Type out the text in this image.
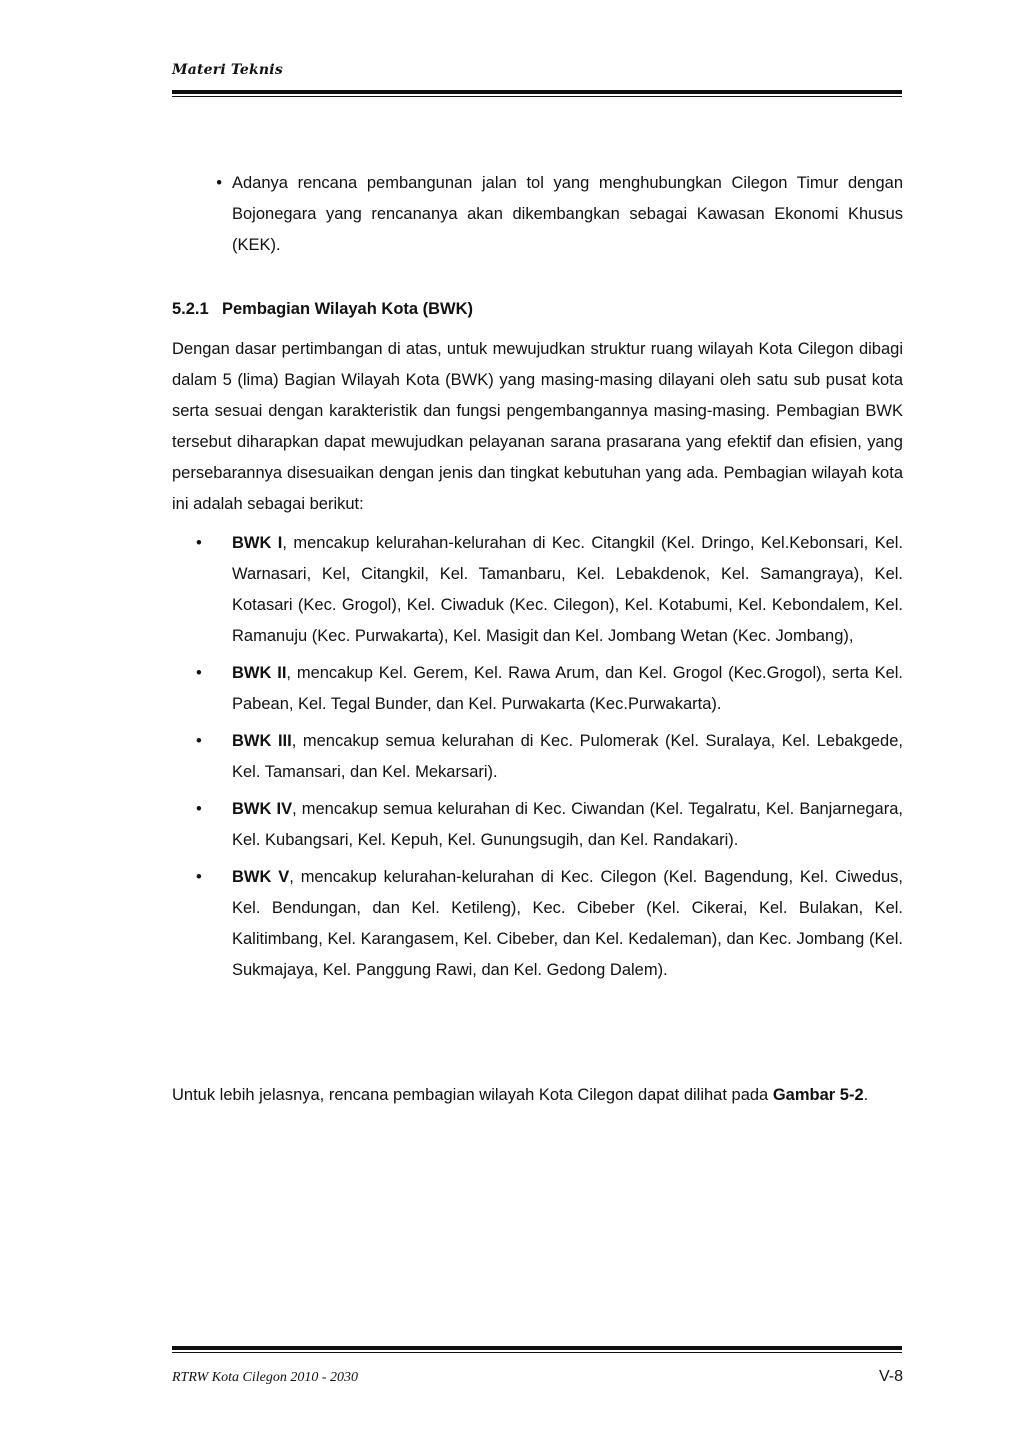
Materi Teknis
• Adanya rencana pembangunan jalan tol yang menghubungkan Cilegon Timur dengan Bojonegara yang rencananya akan dikembangkan sebagai Kawasan Ekonomi Khusus (KEK).
5.2.1 Pembagian Wilayah Kota (BWK)
Dengan dasar pertimbangan di atas, untuk mewujudkan struktur ruang wilayah Kota Cilegon dibagi dalam 5 (lima) Bagian Wilayah Kota (BWK) yang masing-masing dilayani oleh satu sub pusat kota serta sesuai dengan karakteristik dan fungsi pengembangannya masing-masing. Pembagian BWK tersebut diharapkan dapat mewujudkan pelayanan sarana prasarana yang efektif dan efisien, yang persebarannya disesuaikan dengan jenis dan tingkat kebutuhan yang ada. Pembagian wilayah kota ini adalah sebagai berikut:
•	BWK I, mencakup kelurahan-kelurahan di Kec. Citangkil (Kel. Dringo, Kel.Kebonsari, Kel. Warnasari, Kel, Citangkil, Kel. Tamanbaru, Kel. Lebakdenok, Kel. Samangraya), Kel. Kotasari (Kec. Grogol), Kel. Ciwaduk (Kec. Cilegon), Kel. Kotabumi, Kel. Kebondalem, Kel. Ramanuju (Kec. Purwakarta), Kel. Masigit dan Kel. Jombang Wetan (Kec. Jombang),
•	BWK II, mencakup Kel. Gerem, Kel. Rawa Arum, dan Kel. Grogol (Kec.Grogol), serta Kel. Pabean, Kel. Tegal Bunder, dan Kel. Purwakarta (Kec.Purwakarta).
•	BWK III, mencakup semua kelurahan di Kec. Pulomerak (Kel. Suralaya, Kel. Lebakgede, Kel. Tamansari, dan Kel. Mekarsari).
•	BWK IV, mencakup semua kelurahan di Kec. Ciwandan (Kel. Tegalratu, Kel. Banjarnegara, Kel. Kubangsari, Kel. Kepuh, Kel. Gunungsugih, dan Kel. Randakari).
•	BWK V, mencakup kelurahan-kelurahan di Kec. Cilegon (Kel. Bagendung, Kel. Ciwedus, Kel. Bendungan, dan Kel. Ketileng), Kec. Cibeber (Kel. Cikerai, Kel. Bulakan, Kel. Kalitimbang, Kel. Karangasem, Kel. Cibeber, dan Kel. Kedaleman), dan Kec. Jombang (Kel. Sukmajaya, Kel. Panggung Rawi, dan Kel. Gedong Dalem).
Untuk lebih jelasnya, rencana pembagian wilayah Kota Cilegon dapat dilihat pada Gambar 5-2.
RTRW Kota Cilegon 2010 - 2030	V-8
